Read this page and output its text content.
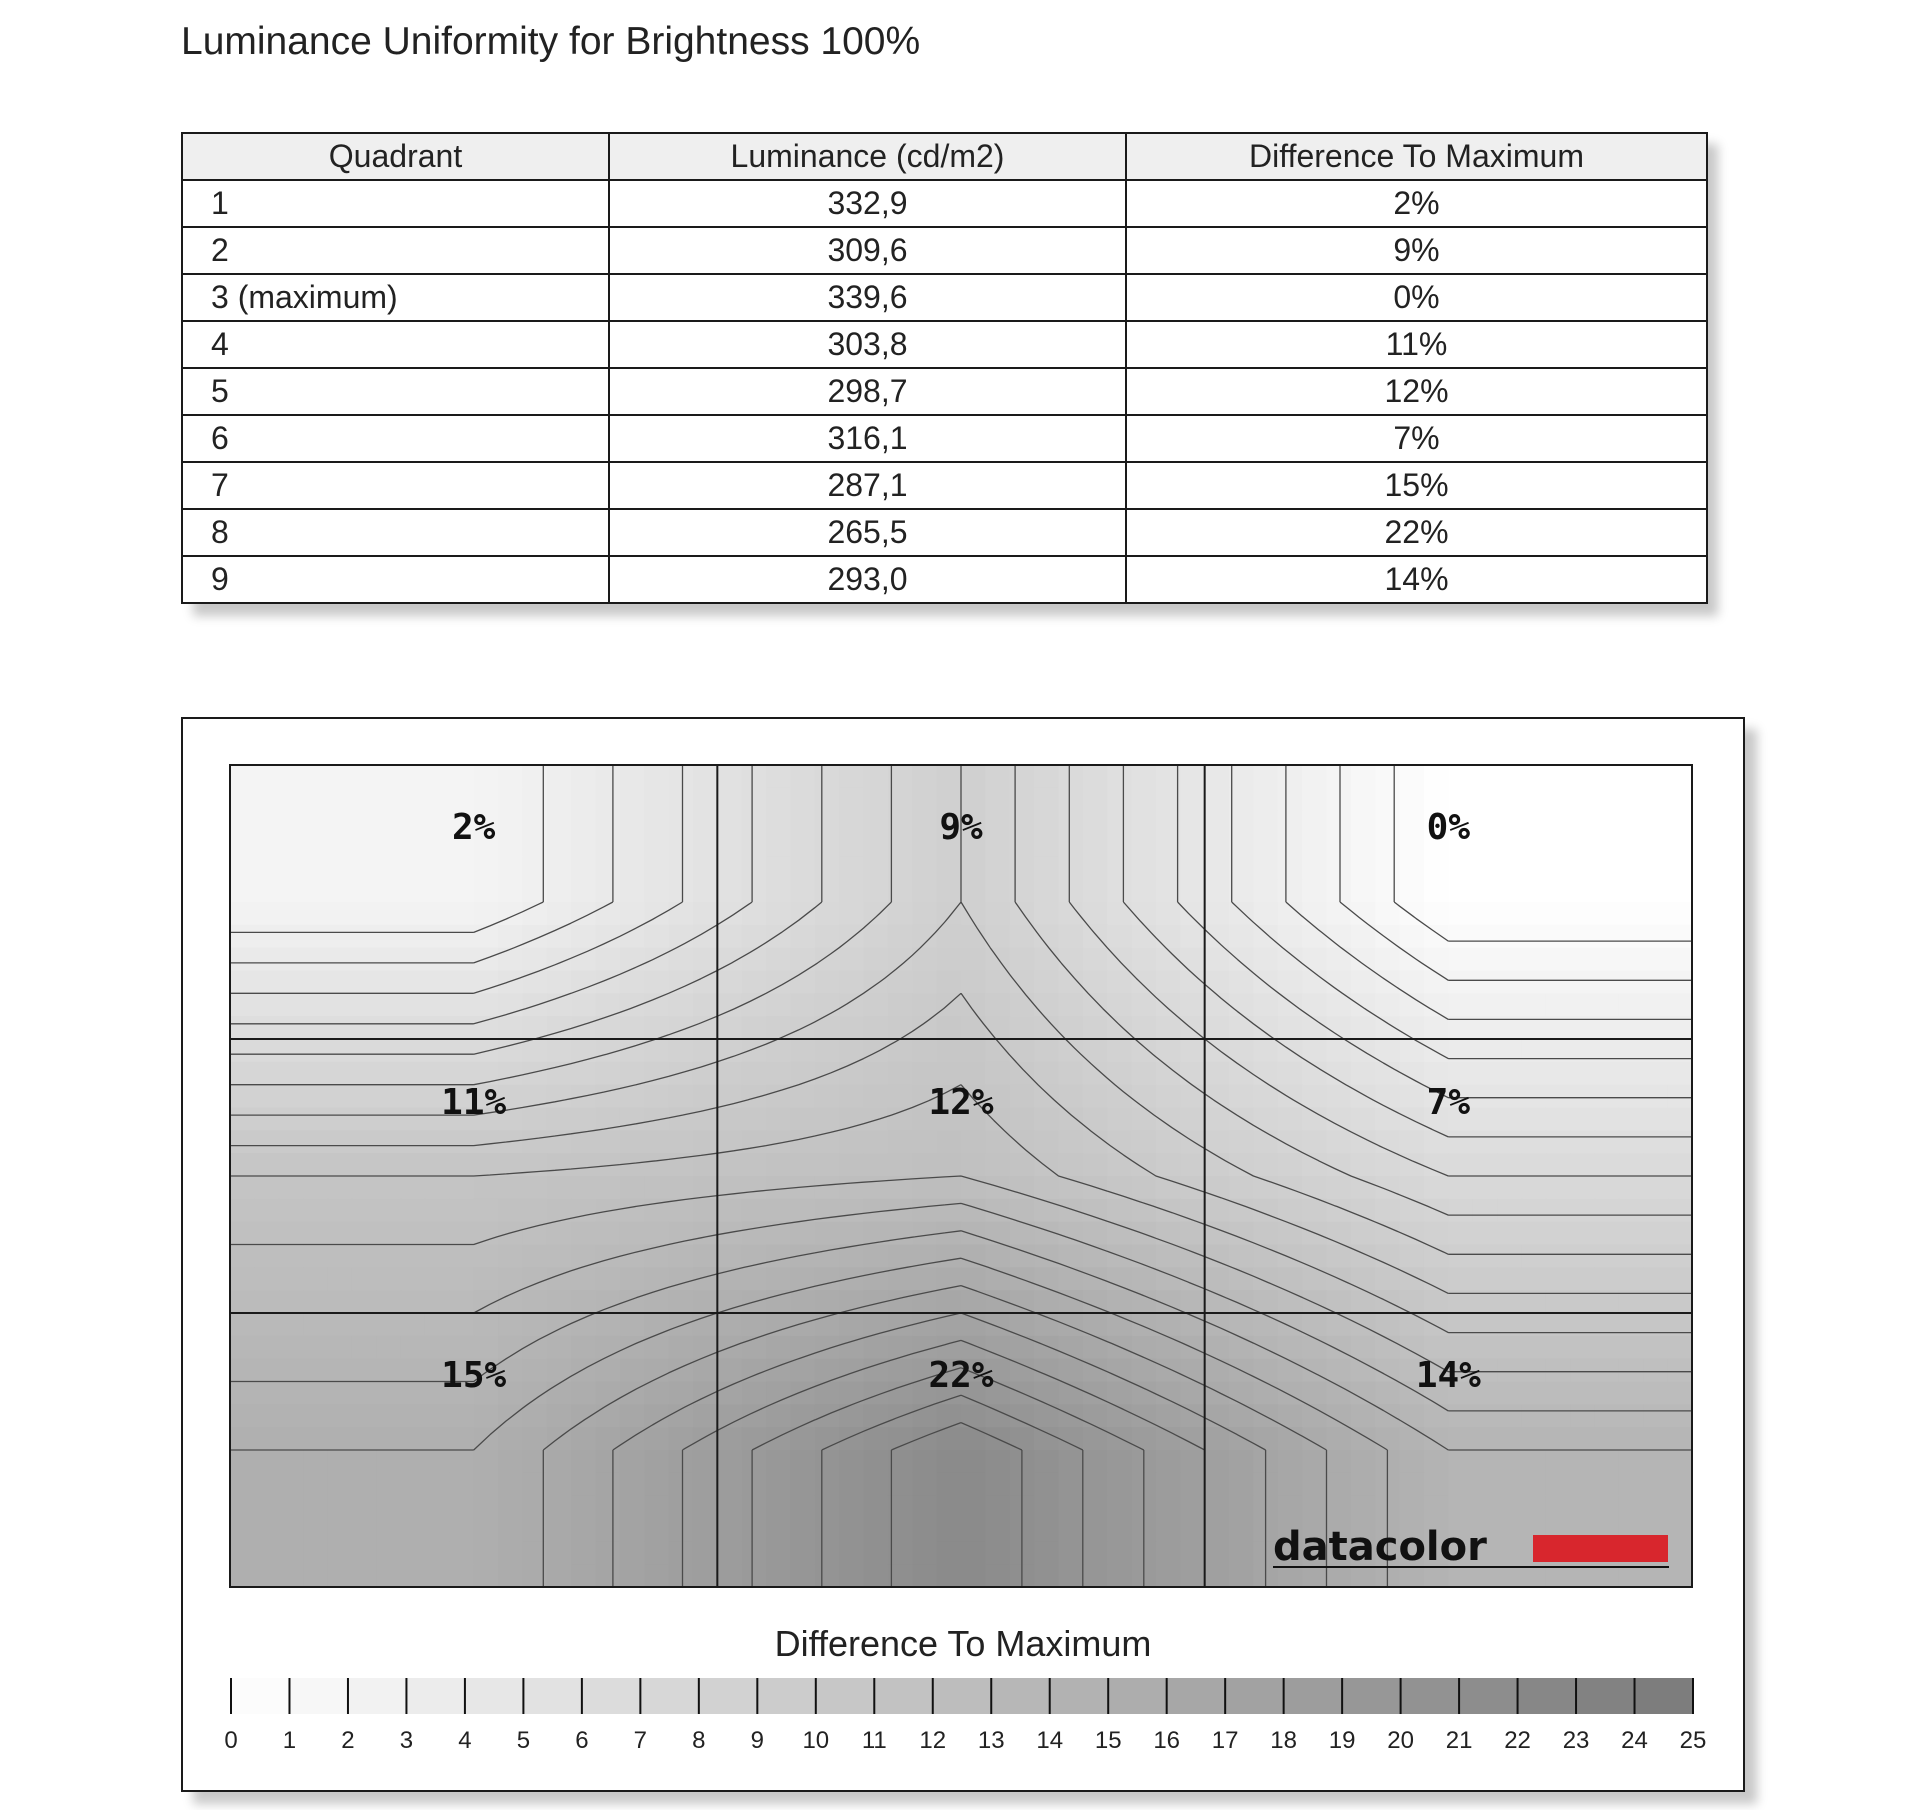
Luminance Uniformity for Brightness 100%
Quadrant	Luminance (cd/m2)	Difference To Maximum
1	332,9	2%
2	309,6	9%
3 (maximum)	339,6	0%
4	303,8	11%
5	298,7	12%
6	316,1	7%
7	287,1	15%
8	265,5	22%
9	293,0	14%
2%	9%	0%
11%	12%	7%
15%	22%	14%
datacolor
Difference To Maximum
0 1 2 3 4 5 6 7 8 9 10 11 12 13 14 15 16 17 18 19 20 21 22 23 24 25
